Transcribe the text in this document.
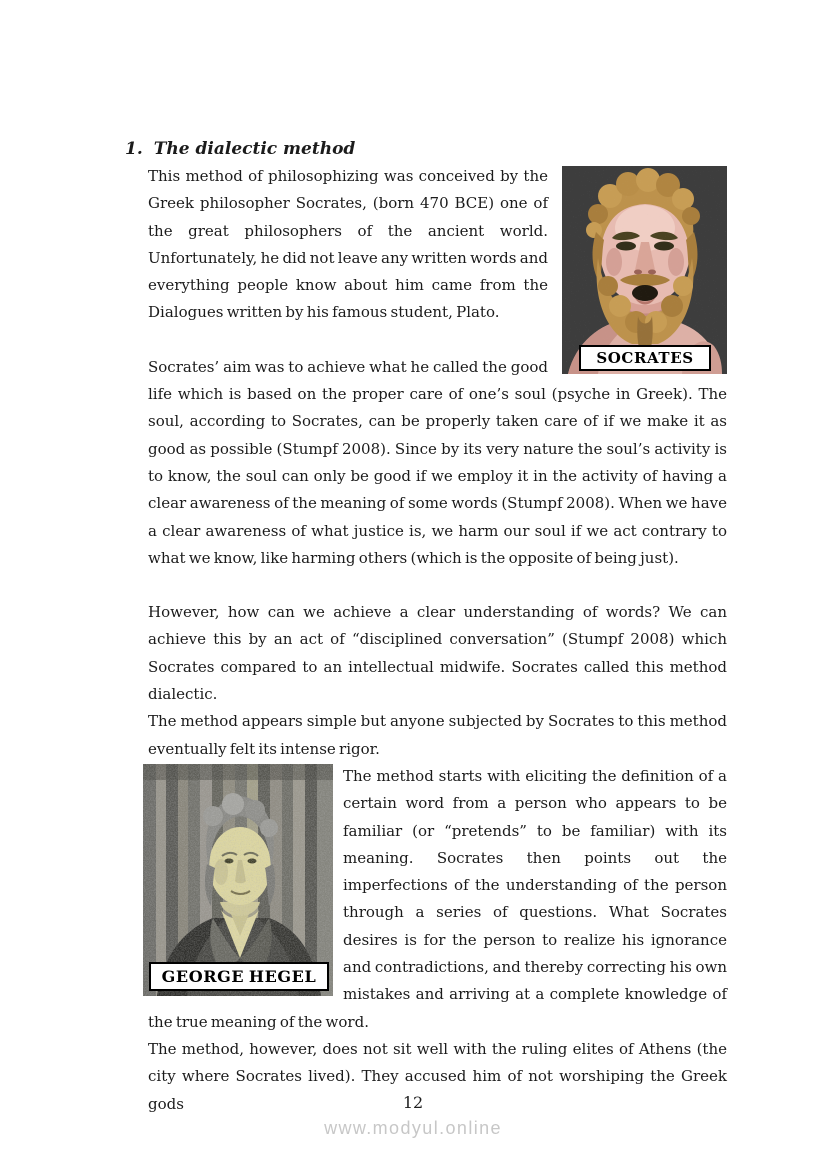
1. The dialectic method
SOCRATES

This method of philosophizing was conceived by the Greek philosopher Socrates, (born 470 BCE) one of the great philosophers of the ancient world. Unfortunately, he did not leave any written words and everything people know about him came from the Dialogues written by his famous student, Plato.

Socrates’ aim was to achieve what he called the good life which is based on the proper care of one’s soul (psyche in Greek). The soul, according to Socrates, can be properly taken care of if we make it as good as possible (Stumpf 2008). Since by its very nature the soul’s activity is to know, the soul can only be good if we employ it in the activity of having a clear awareness of the meaning of some words (Stumpf 2008). When we have a clear awareness of what justice is, we harm our soul if we act contrary to what we know, like harming others (which is the opposite of being just).

However, how can we achieve a clear understanding of words? We can achieve this by an act of “disciplined conversation” (Stumpf 2008) which Socrates compared to an intellectual midwife. Socrates called this method dialectic.

The method appears simple but anyone subjected by Socrates to this method eventually felt its intense rigor.

GEORGE HEGEL

The method starts with eliciting the definition of a certain word from a person who appears to be familiar (or “pretends” to be familiar) with its meaning. Socrates then points out the imperfections of the understanding of the person through a series of questions. What Socrates desires is for the person to realize his ignorance and contradictions, and thereby correcting his own mistakes and arriving at a complete knowledge of the true meaning of the word.

The method, however, does not sit well with the ruling elites of Athens (the city where Socrates lived). They accused him of not worshiping the Greek gods	12
www.modyul.online
